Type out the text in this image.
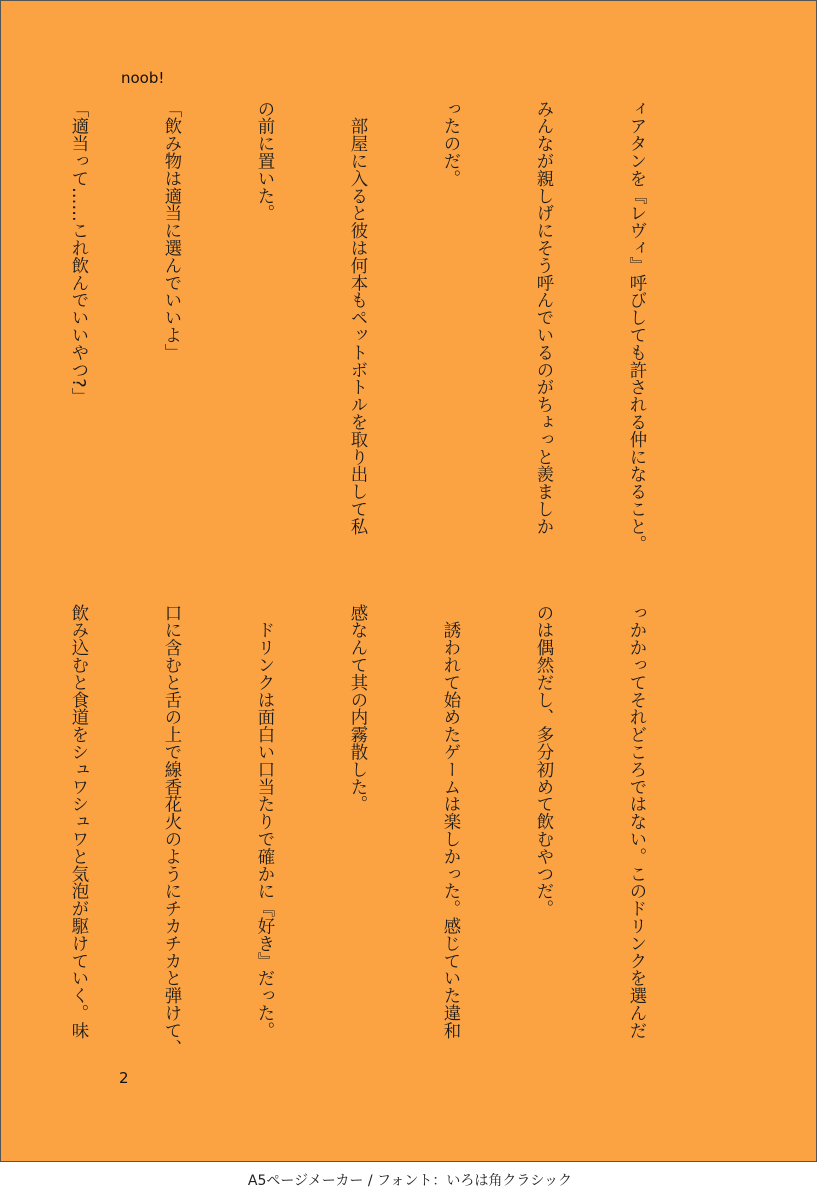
noob!

ィアタンを『レヴィ』呼びしても許される仲になること。

みんなが親しげにそう呼んでいるのがちょっと羨ましか

ったのだ。

　部屋に入ると彼は何本もペットボトルを取り出して私

の前に置いた。

「飲み物は適当に選んでいいよ」

「適当って……これ飲んでいいやつ?」

っかかってそれどころではない。このドリンクを選んだ

のは偶然だし、多分初めて飲むやつだ。

　誘われて始めたゲームは楽しかった。感じていた違和

感なんて其の内霧散した。

　ドリンクは面白い口当たりで確かに『好き』だった。

口に含むと舌の上で線香花火のようにチカチカと弾けて、

飲み込むと食道をシュワシュワと気泡が駆けていく。味

2
A5ページメーカー / フォント：いろは角クラシック
